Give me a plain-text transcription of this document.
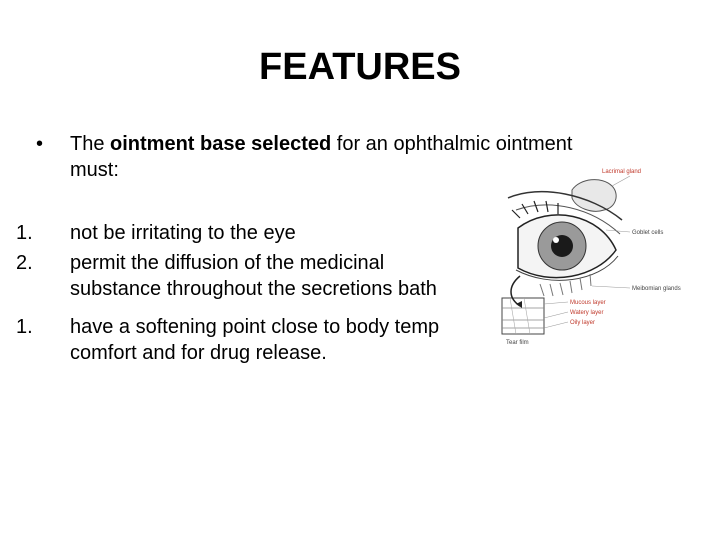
FEATURES
• The ointment base selected for an ophthalmic ointment
must:
1. not be irritating to the eye
2. permit the diffusion of the medicinal
substance throughout the secretions bath
1. have a softening point close to body temp
comfort and for drug release.
Lacrimal gland
Goblet cells
Meibomian glands
Mucous layer
Watery layer
Oily layer
Tear film
